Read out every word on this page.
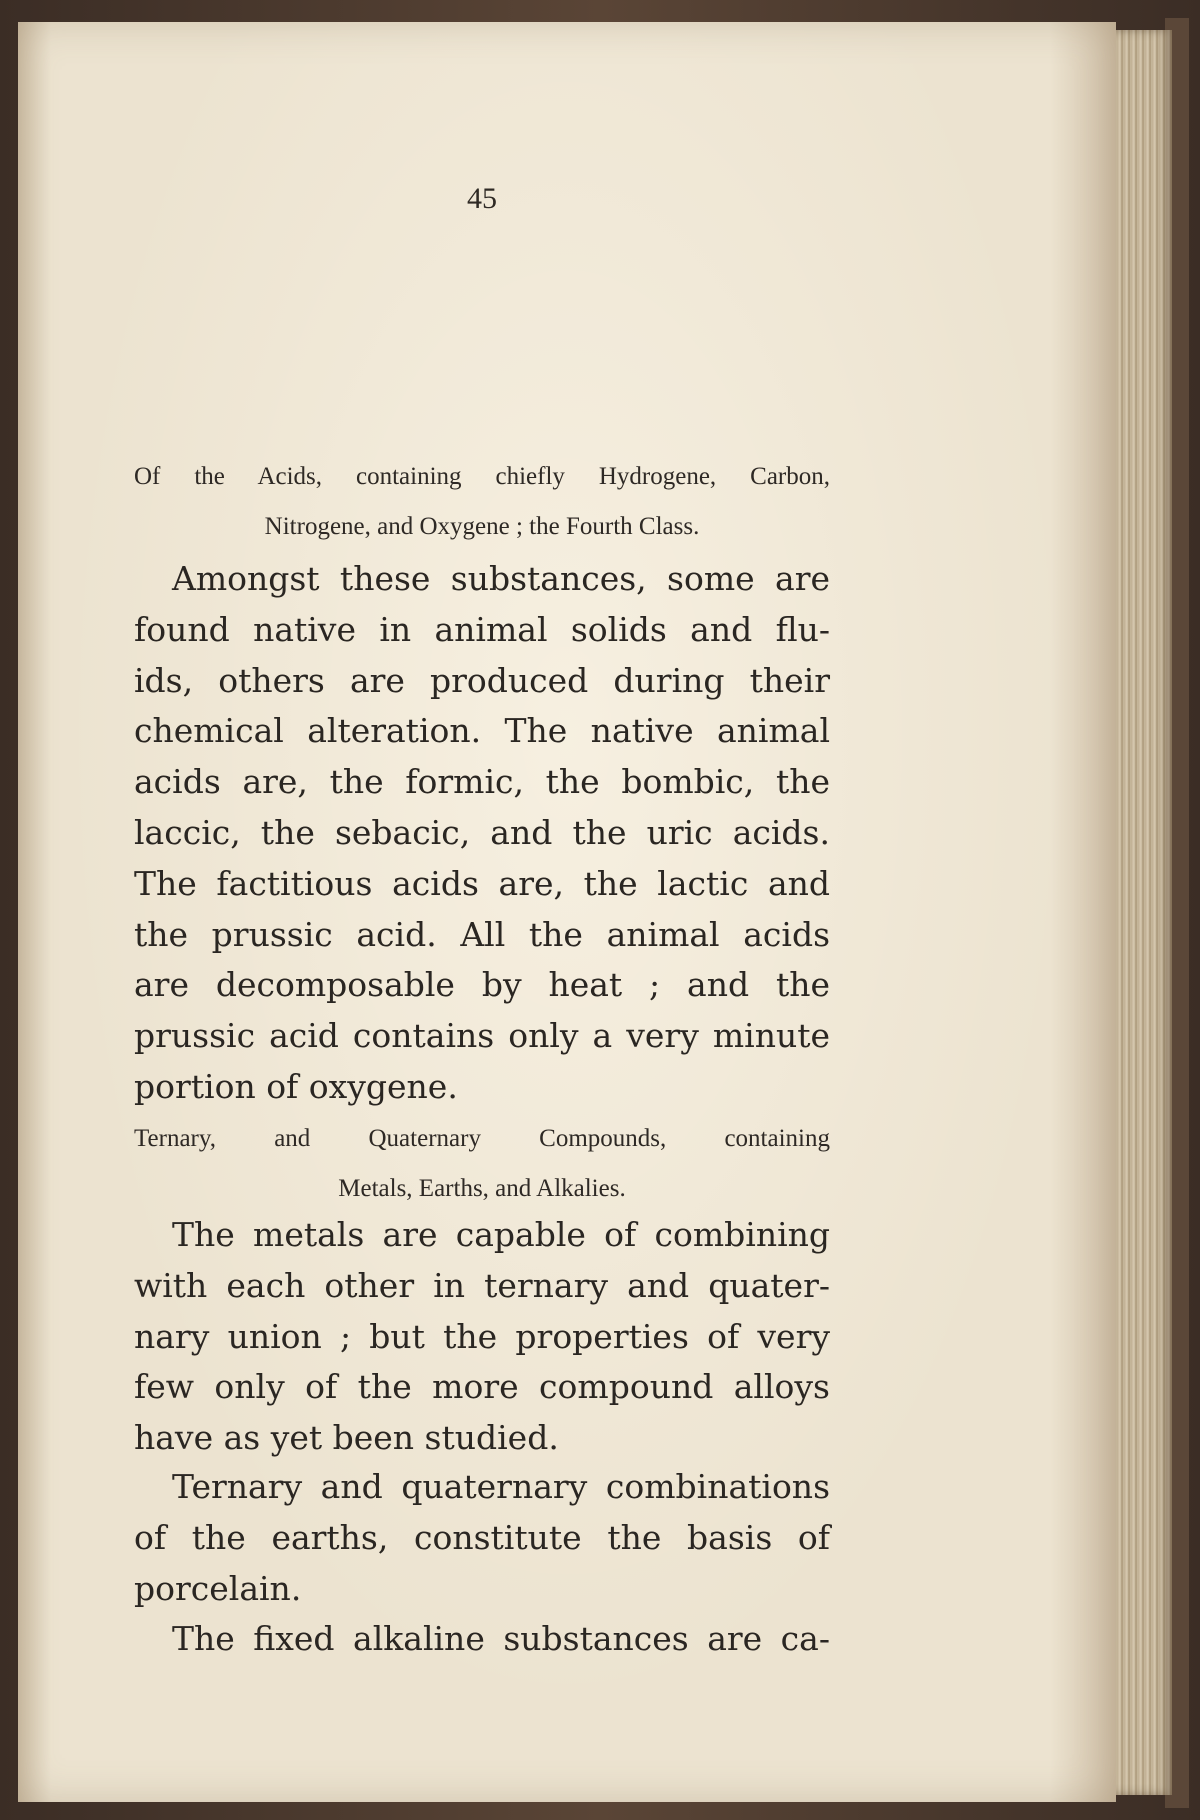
45
Of the Acids, containing chiefly Hydrogene, Carbon,
Nitrogene, and Oxygene ; the Fourth Class.
Amongst these substances, some are
found native in animal solids and flu-
ids, others are produced during their
chemical alteration. The native animal
acids are, the formic, the bombic, the
laccic, the sebacic, and the uric acids.
The factitious acids are, the lactic and
the prussic acid. All the animal acids
are decomposable by heat ; and the
prussic acid contains only a very minute
portion of oxygene.
Ternary, and Quaternary Compounds, containing
Metals, Earths, and Alkalies.
The metals are capable of combining
with each other in ternary and quater-
nary union ; but the properties of very
few only of the more compound alloys
have as yet been studied.
Ternary and quaternary combinations
of the earths, constitute the basis of
porcelain.
The fixed alkaline substances are ca-
